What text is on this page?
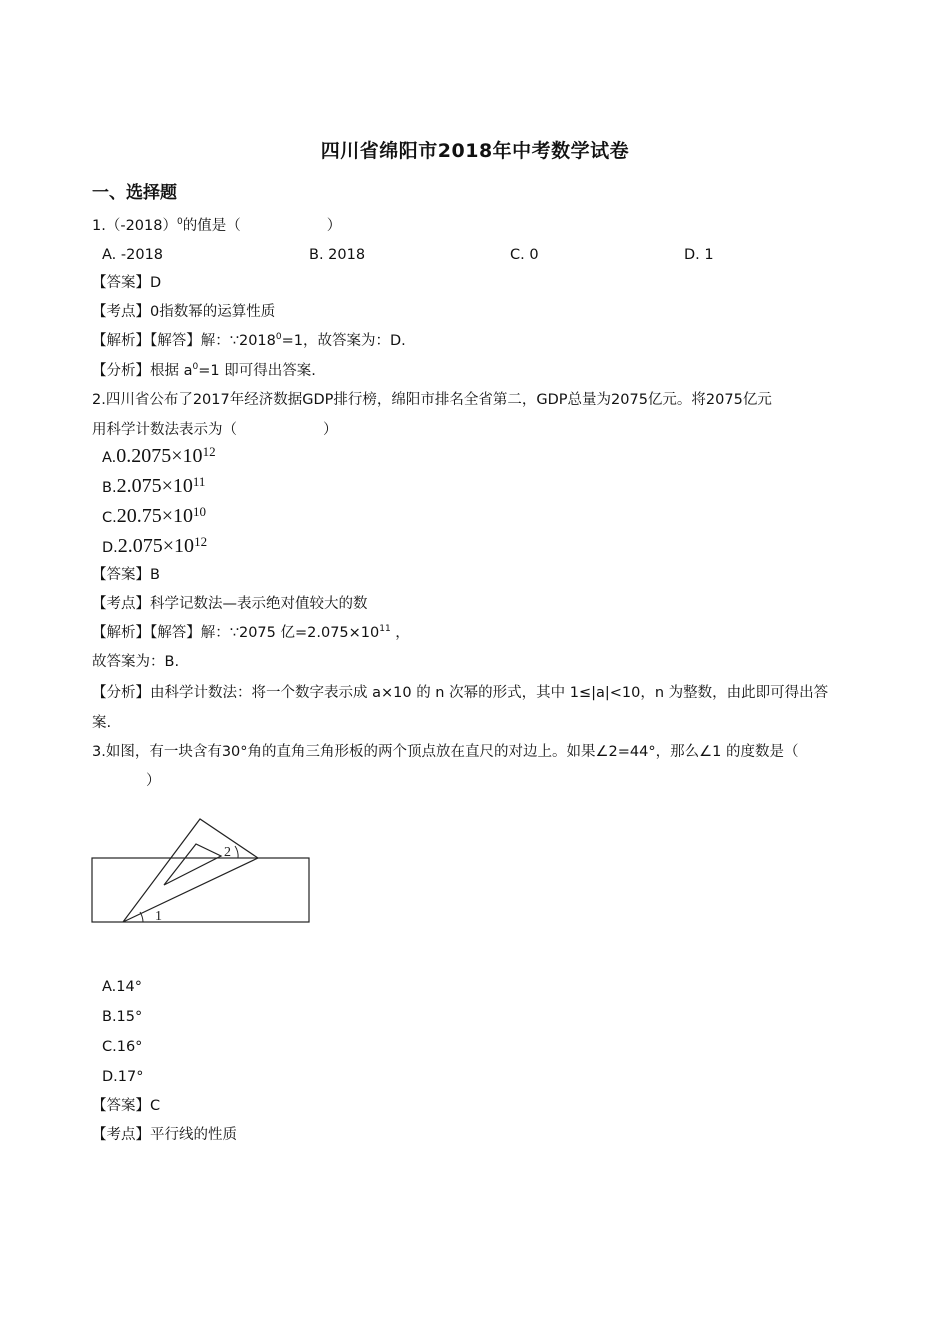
四川省绵阳市2018年中考数学试卷
一、选择题
$1.(-2018)^0$的值是（	）
A. -2018	B. 2018	C. 0	D. 1
【答案】D
【考点】0指数幂的运算性质
【解析】【解答】解：$\because 2018^0=1$，故答案为：D.
【分析】根据 $a^0=1$ 即可得出答案.
2.四川省公布了2017年经济数据GDP排行榜，绵阳市排名全省第二，GDP总量为2075亿元。将2075亿元
用科学计数法表示为（	）
$A.0.2075\times 10^{12}$
$B.2.075\times 10^{11}$
$C.20.75\times 10^{10}$
$D.2.075\times 10^{12}$
【答案】B
【考点】科学记数法—表示绝对值较大的数
【解析】【解答】解：∵2075 亿$=2.075\times 10^{11}$ ，
故答案为：B.
【分析】由科学计数法：将一个数字表示成 a×10 的 n 次幂的形式，其中 1≤|a|<10，n 为整数，由此即可得出答
案.
3.如图，有一块含有30°角的直角三角形板的两个顶点放在直尺的对边上。如果∠2=44°，那么∠1 的度数是（
）
2
1
A.14°
B.15°
C.16°
D.17°
【答案】C
【考点】平行线的性质
